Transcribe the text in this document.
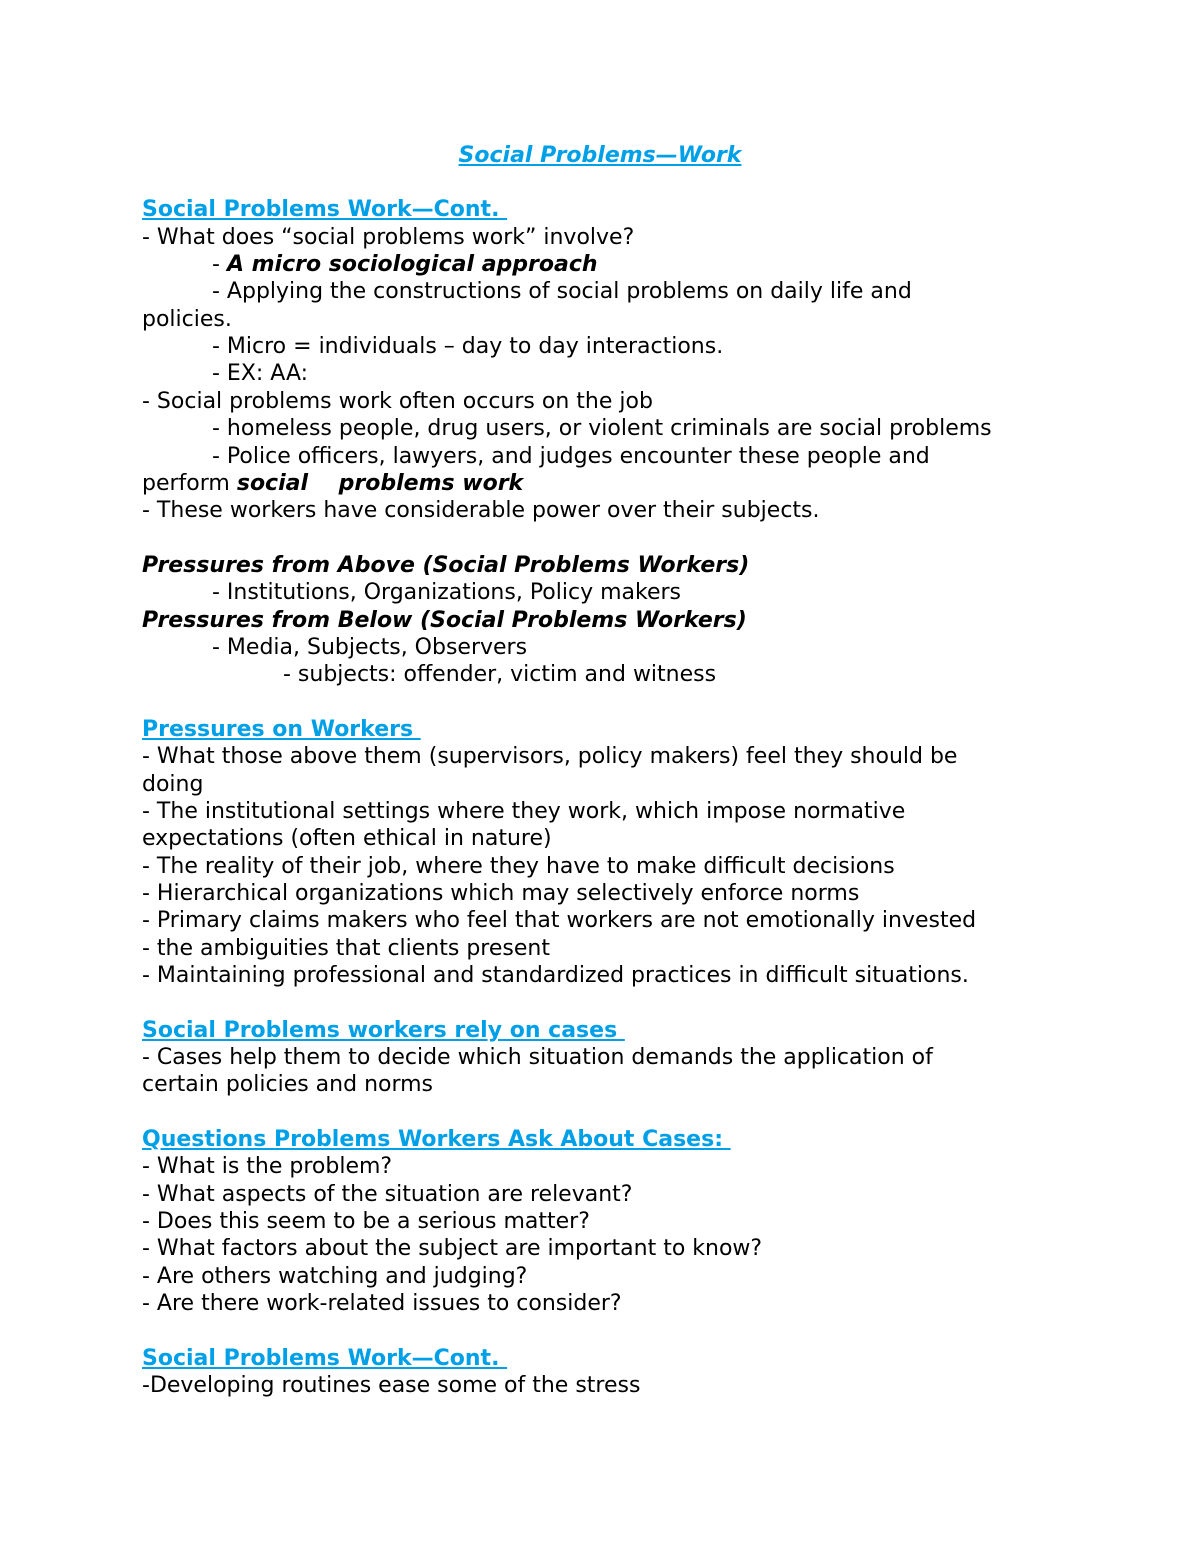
Social Problems—Work
Social Problems Work—Cont.
- What does “social problems work” involve?
- A micro sociological approach
- Applying the constructions of social problems on daily life and
policies.
- Micro = individuals – day to day interactions.
- EX: AA:
- Social problems work often occurs on the job
- homeless people, drug users, or violent criminals are social problems
- Police officers, lawyers, and judges encounter these people and
perform social    problems work
- These workers have considerable power over their subjects.
Pressures from Above (Social Problems Workers)
- Institutions, Organizations, Policy makers
Pressures from Below (Social Problems Workers)
- Media, Subjects, Observers
- subjects: offender, victim and witness
Pressures on Workers
- What those above them (supervisors, policy makers) feel they should be
doing
- The institutional settings where they work, which impose normative
expectations (often ethical in nature)
- The reality of their job, where they have to make difficult decisions
- Hierarchical organizations which may selectively enforce norms
- Primary claims makers who feel that workers are not emotionally invested
- the ambiguities that clients present
- Maintaining professional and standardized practices in difficult situations.
Social Problems workers rely on cases
- Cases help them to decide which situation demands the application of
certain policies and norms
Questions Problems Workers Ask About Cases:
- What is the problem?
- What aspects of the situation are relevant?
- Does this seem to be a serious matter?
- What factors about the subject are important to know?
- Are others watching and judging?
- Are there work-related issues to consider?
Social Problems Work—Cont.
-Developing routines ease some of the stress
